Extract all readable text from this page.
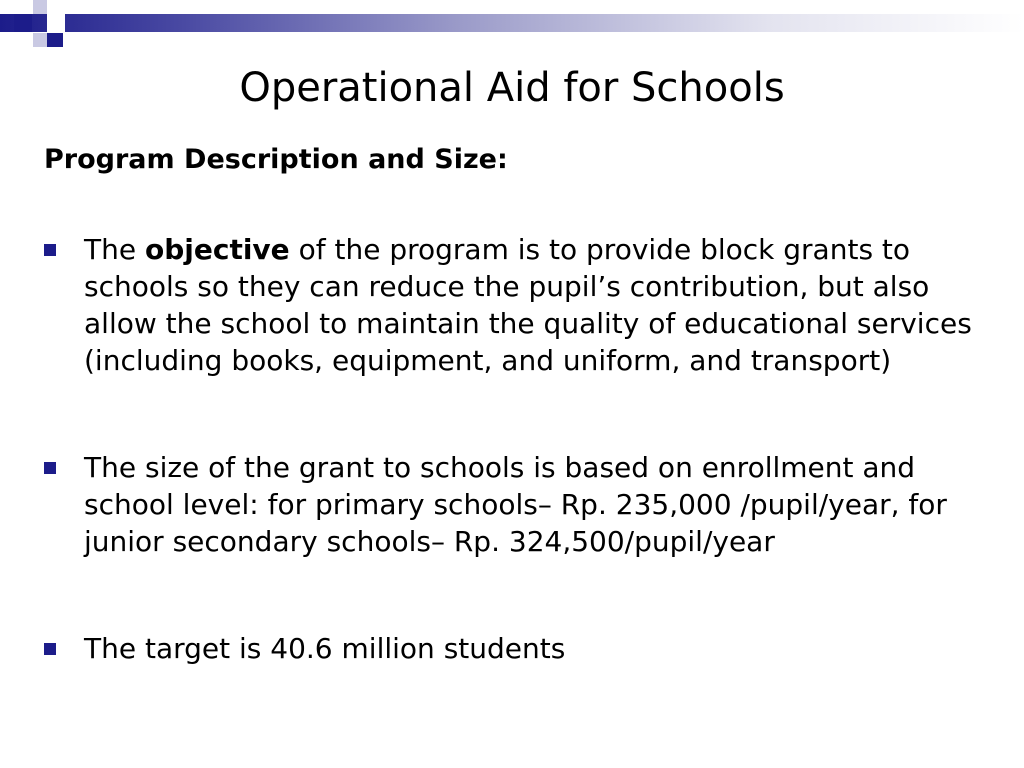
Operational Aid for Schools
Program Description and Size:
The objective of the program is to provide block grants to schools so they can reduce the pupil’s contribution, but also allow the school to maintain the quality of educational services (including books, equipment, and uniform, and transport)
The size of the grant to schools is based on enrollment and school level: for primary schools– Rp. 235,000 /pupil/year, for junior secondary schools– Rp. 324,500/pupil/year
The target is 40.6 million students
